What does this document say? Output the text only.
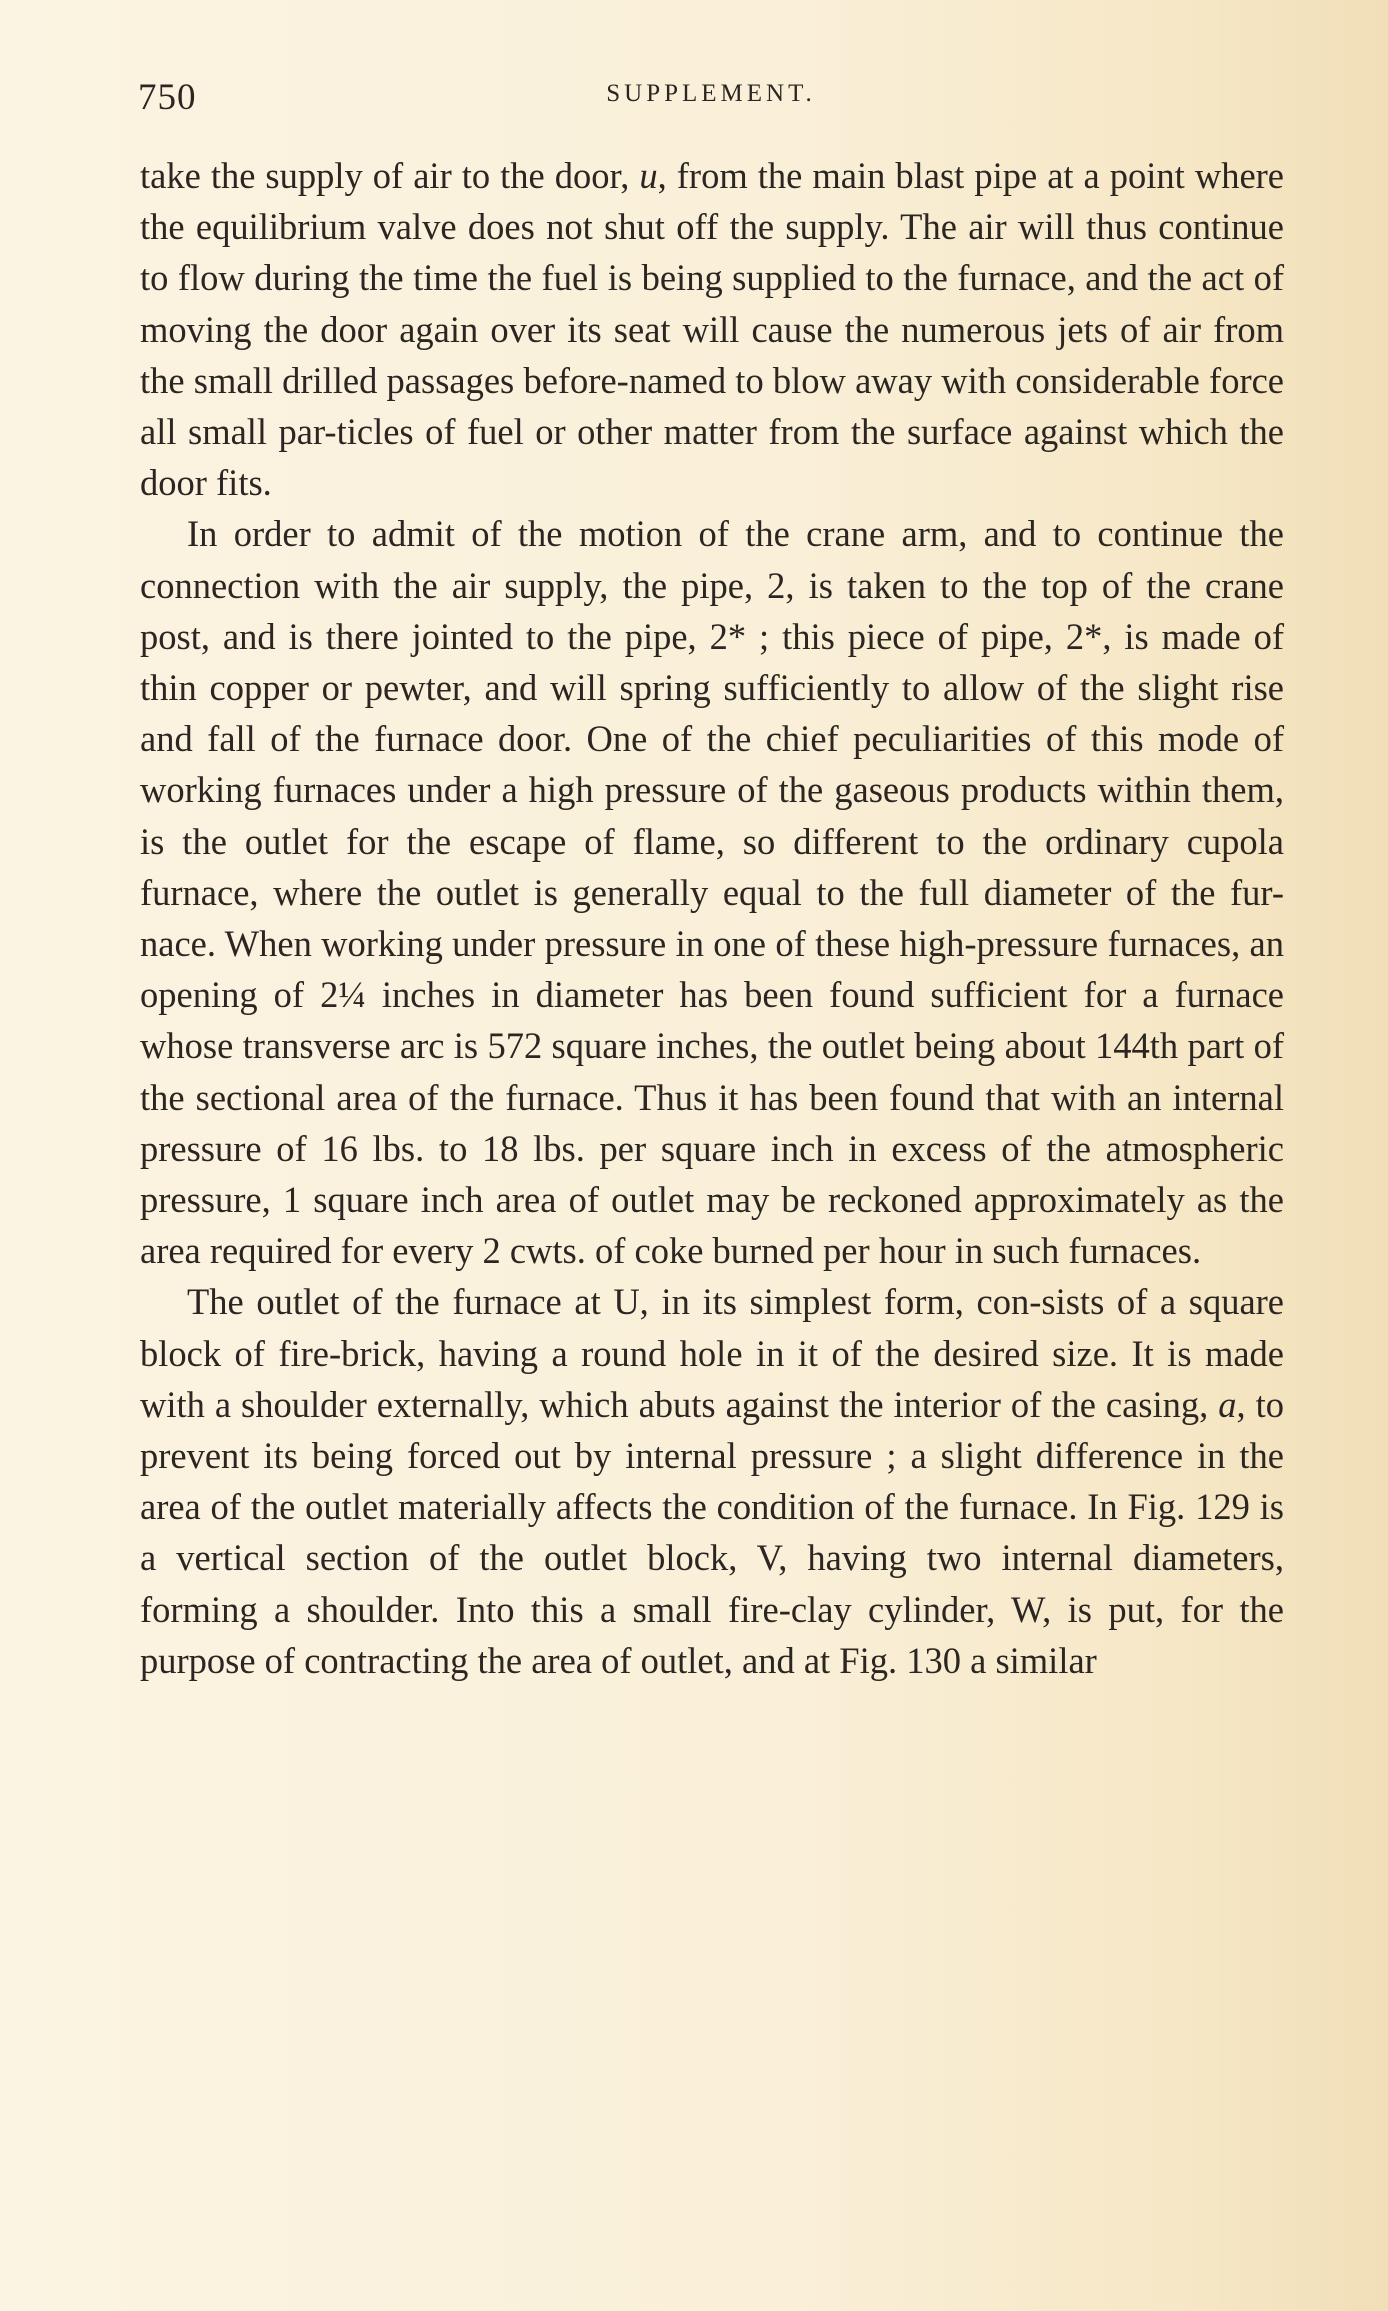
750	SUPPLEMENT.

take the supply of air to the door, u, from the main blast pipe at a point where the equilibrium valve does not shut off the supply. The air will thus continue to flow during the time the fuel is being supplied to the furnace, and the act of moving the door again over its seat will cause the numerous jets of air from the small drilled passages before-named to blow away with considerable force all small par-ticles of fuel or other matter from the surface against which the door fits.

In order to admit of the motion of the crane arm, and to continue the connection with the air supply, the pipe, 2, is taken to the top of the crane post, and is there jointed to the pipe, 2* ; this piece of pipe, 2*, is made of thin copper or pewter, and will spring sufficiently to allow of the slight rise and fall of the furnace door. One of the chief peculiarities of this mode of working furnaces under a high pressure of the gaseous products within them, is the outlet for the escape of flame, so different to the ordinary cupola furnace, where the outlet is generally equal to the full diameter of the fur-nace. When working under pressure in one of these high-pressure furnaces, an opening of 2¼ inches in diameter has been found sufficient for a furnace whose transverse arc is 572 square inches, the outlet being about 144th part of the sectional area of the furnace. Thus it has been found that with an internal pressure of 16 lbs. to 18 lbs. per square inch in excess of the atmospheric pressure, 1 square inch area of outlet may be reckoned approximately as the area required for every 2 cwts. of coke burned per hour in such furnaces.

The outlet of the furnace at U, in its simplest form, con-sists of a square block of fire-brick, having a round hole in it of the desired size. It is made with a shoulder externally, which abuts against the interior of the casing, a, to prevent its being forced out by internal pressure ; a slight difference in the area of the outlet materially affects the condition of the furnace. In Fig. 129 is a vertical section of the outlet block, V, having two internal diameters, forming a shoulder. Into this a small fire-clay cylinder, W, is put, for the purpose of contracting the area of outlet, and at Fig. 130 a similar
